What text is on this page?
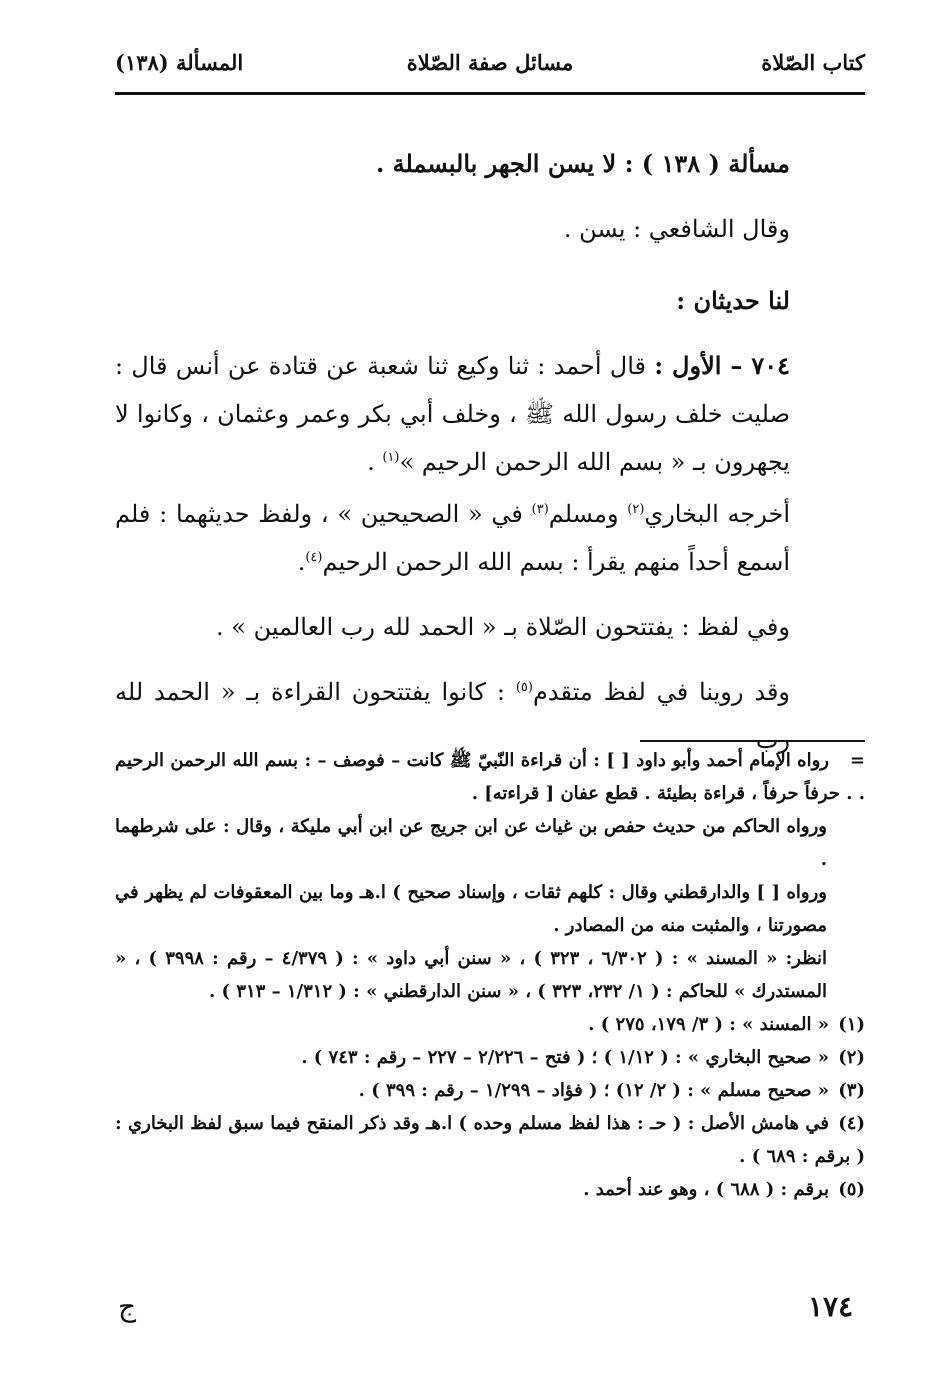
كتاب الصّلاة
مسائل صفة الصّلاة
المسألة (١٣٨)

مسألة ( ١٣٨ ) : لا يسن الجهر بالبسملة .

وقال الشافعي : يسن .

لنا حديثان :

٧٠٤ – الأول : قال أحمد : ثنا وكيع ثنا شعبة عن قتادة عن أنس قال : صليت خلف رسول الله ﷺ ، وخلف أبي بكر وعمر وعثمان ، وكانوا لا يجهرون بـ « بسم الله الرحمن الرحيم »$^{(١)}$ .

أخرجه البخاري$^{(٢)}$ ومسلم$^{(٣)}$ في « الصحيحين » ، ولفظ حديثهما : فلم أسمع أحداً منهم يقرأ : بسم الله الرحمن الرحيم$^{(٤)}$.

وفي لفظ : يفتتحون الصّلاة بـ « الحمد لله رب العالمين » .

وقد روينا في لفظ متقدم$^{(٥)}$ : كانوا يفتتحون القراءة بـ « الحمد لله رب

=رواه الإمام أحمد وأبو داود [ ] : أن قراءة النّبيّ ﷺ كانت – فوصف – : بسم الله الرحمن الرحيم . . حرفاً حرفاً ، قراءة بطيئة . قطع عفان [ قراءته] .

ورواه الحاكم من حديث حفص بن غياث عن ابن جريج عن ابن أبي مليكة ، وقال : على شرطهما .

ورواه [ ] والدارقطني وقال : كلهم ثقات ، وإسناد صحيح ) ا.هـ وما بين المعقوفات لم يظهر في مصورتنا ، والمثبت منه من المصادر .

انظر: « المسند » : ( ٦/٣٠٢ ، ٣٢٣ ) ، « سنن أبي داود » : ( ٤/٣٧٩ – رقم : ٣٩٩٨ ) ، « المستدرك » للحاكم : ( ١/ ٢٣٢، ٣٢٣ ) ، « سنن الدارقطني » : ( ١/٣١٢ – ٣١٣ ) .

(١)« المسند » : ( ٣/ ١٧٩، ٢٧٥ ) .

(٢)« صحيح البخاري » : ( ١/١٢ ) ؛ ( فتح – ٢/٢٢٦ – ٢٢٧ – رقم : ٧٤٣ ) .

(٣)« صحيح مسلم » : ( ٢/ ١٢) ؛ ( فؤاد – ١/٢٩٩ – رقم : ٣٩٩ ) .

(٤)في هامش الأصل : ( حـ : هذا لفظ مسلم وحده ) ا.هـ وقد ذكر المنقح فيما سبق لفظ البخاري : ( برقم : ٦٨٩ ) .

(٥)برقم : ( ٦٨٨ ) ، وهو عند أحمد .

١٧٤
ج
